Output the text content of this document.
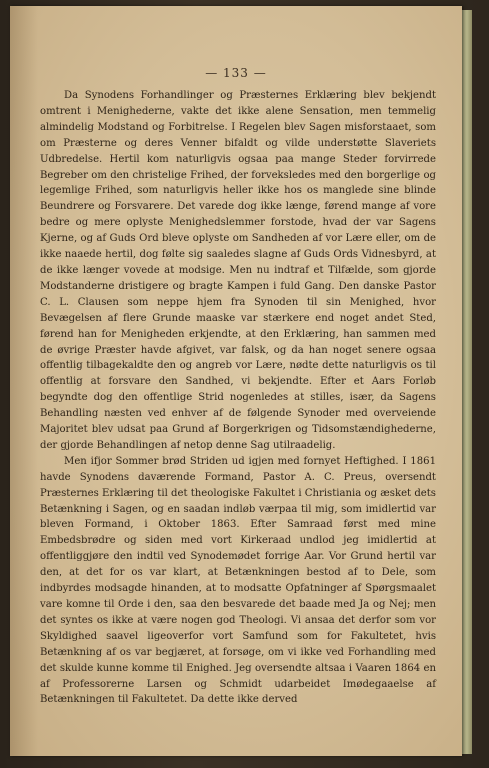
— 133 —

Da Synodens Forhandlinger og Præsternes Erklæring blev bekjendt omtrent i Menighederne, vakte det ikke alene Sensation, men temmelig almindelig Modstand og Forbitrelse. I Regelen blev Sagen misforstaaet, som om Præsterne og deres Venner bifaldt og vilde understøtte Slaveriets Udbredelse. Hertil kom naturligvis ogsaa paa mange Steder forvirrede Begreber om den christelige Frihed, der forveksledes med den borgerlige og legemlige Frihed, som naturligvis heller ikke hos os manglede sine blinde Beundrere og Forsvarere. Det varede dog ikke længe, førend mange af vore bedre og mere oplyste Menighedslemmer forstode, hvad der var Sagens Kjerne, og af Guds Ord bleve oplyste om Sandheden af vor Lære eller, om de ikke naaede hertil, dog følte sig saaledes slagne af Guds Ords Vidnesbyrd, at de ikke længer vovede at modsige. Men nu indtraf et Tilfælde, som gjorde Modstanderne dristigere og bragte Kampen i fuld Gang. Den danske Pastor C. L. Clausen som neppe hjem fra Synoden til sin Menighed, hvor Bevægelsen af flere Grunde maaske var stærkere end noget andet Sted, førend han for Menigheden erkjendte, at den Erklæring, han sammen med de øvrige Præster havde afgivet, var falsk, og da han noget senere ogsaa offentlig tilbagekaldte den og angreb vor Lære, nødte dette naturligvis os til offentlig at forsvare den Sandhed, vi bekjendte. Efter et Aars Forløb begyndte dog den offentlige Strid nogenledes at stilles, især, da Sagens Behandling næsten ved enhver af de følgende Synoder med overveiende Majoritet blev udsat paa Grund af Borgerkrigen og Tidsomstændighederne, der gjorde Behandlingen af netop denne Sag utilraadelig.

Men ifjor Sommer brød Striden ud igjen med fornyet Heftighed. I 1861 havde Synodens daværende Formand, Pastor A. C. Preus, oversendt Præsternes Erklæring til det theologiske Fakultet i Christiania og æsket dets Betænkning i Sagen, og en saadan indløb værpaa til mig, som imidlertid var bleven Formand, i Oktober 1863. Efter Samraad først med mine Embedsbrødre og siden med vort Kirkeraad undlod jeg imidlertid at offentliggjøre den indtil ved Synodemødet forrige Aar. Vor Grund hertil var den, at det for os var klart, at Betænkningen bestod af to Dele, som indbyrdes modsagde hinanden, at to modsatte Opfatninger af Spørgsmaalet vare komne til Orde i den, saa den besvarede det baade med Ja og Nej; men det syntes os ikke at være nogen god Theologi. Vi ansaa det derfor som vor Skyldighed saavel ligeoverfor vort Samfund som for Fakultetet, hvis Betænkning af os var begjæret, at forsøge, om vi ikke ved Forhandling med det skulde kunne komme til Enighed. Jeg oversendte altsaa i Vaaren 1864 en af Professorerne Larsen og Schmidt udarbeidet Imødegaaelse af Betænkningen til Fakultetet. Da dette ikke derved
